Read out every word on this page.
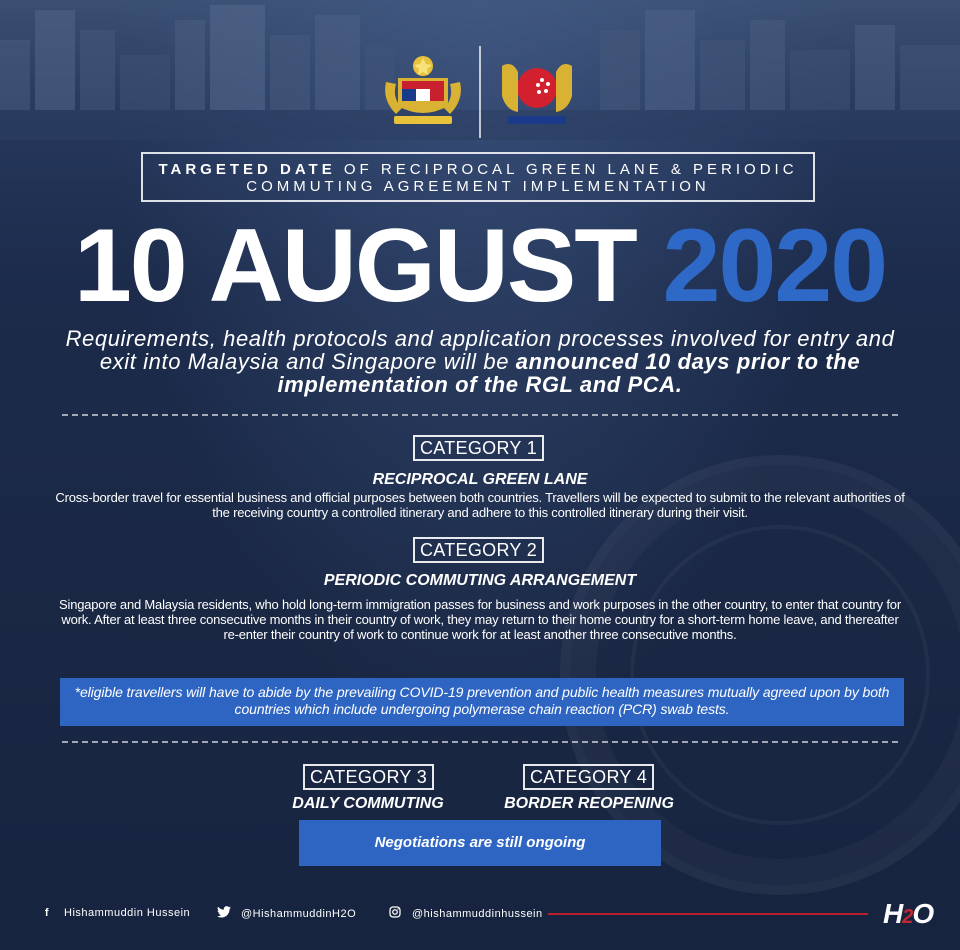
TARGETED DATE OF RECIPROCAL GREEN LANE & PERIODIC
COMMUTING AGREEMENT IMPLEMENTATION
10 AUGUST 2020
Requirements, health protocols and application processes involved for entry and exit into Malaysia and Singapore will be announced 10 days prior to the implementation of the RGL and PCA.
CATEGORY 1
RECIPROCAL GREEN LANE
Cross-border travel for essential business and official purposes between both countries. Travellers will be expected to submit to the relevant authorities of the receiving country a controlled itinerary and adhere to this controlled itinerary during their visit.
CATEGORY 2
PERIODIC COMMUTING ARRANGEMENT
Singapore and Malaysia residents, who hold long-term immigration passes for business and work purposes in the other country, to enter that country for work. After at least three consecutive months in their country of work, they may return to their home country for a short-term home leave, and thereafter re-enter their country of work to continue work for at least another three consecutive months.
*eligible travellers will have to abide by the prevailing COVID-19 prevention and public health measures mutually agreed upon by both countries which include undergoing polymerase chain reaction (PCR) swab tests.
CATEGORY 3
DAILY COMMUTING
CATEGORY 4
BORDER REOPENING
Negotiations are still ongoing
f Hishammuddin Hussein	@HishammuddinH2O	@hishammuddinhussein	H2O
